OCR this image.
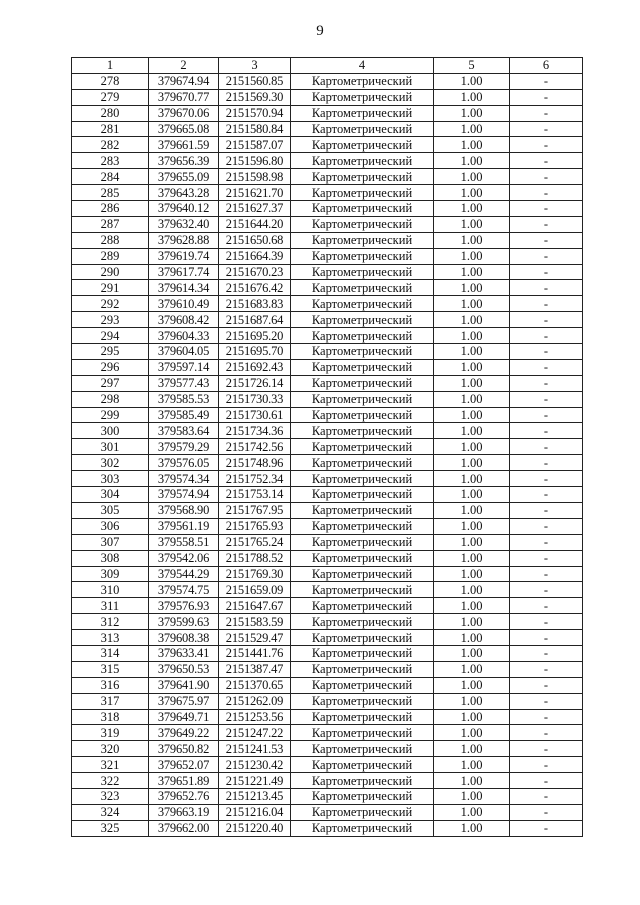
9
1	2	3	4	5	6
278	379674.94	2151560.85	Картометрический	1.00	-
279	379670.77	2151569.30	Картометрический	1.00	-
280	379670.06	2151570.94	Картометрический	1.00	-
281	379665.08	2151580.84	Картометрический	1.00	-
282	379661.59	2151587.07	Картометрический	1.00	-
283	379656.39	2151596.80	Картометрический	1.00	-
284	379655.09	2151598.98	Картометрический	1.00	-
285	379643.28	2151621.70	Картометрический	1.00	-
286	379640.12	2151627.37	Картометрический	1.00	-
287	379632.40	2151644.20	Картометрический	1.00	-
288	379628.88	2151650.68	Картометрический	1.00	-
289	379619.74	2151664.39	Картометрический	1.00	-
290	379617.74	2151670.23	Картометрический	1.00	-
291	379614.34	2151676.42	Картометрический	1.00	-
292	379610.49	2151683.83	Картометрический	1.00	-
293	379608.42	2151687.64	Картометрический	1.00	-
294	379604.33	2151695.20	Картометрический	1.00	-
295	379604.05	2151695.70	Картометрический	1.00	-
296	379597.14	2151692.43	Картометрический	1.00	-
297	379577.43	2151726.14	Картометрический	1.00	-
298	379585.53	2151730.33	Картометрический	1.00	-
299	379585.49	2151730.61	Картометрический	1.00	-
300	379583.64	2151734.36	Картометрический	1.00	-
301	379579.29	2151742.56	Картометрический	1.00	-
302	379576.05	2151748.96	Картометрический	1.00	-
303	379574.34	2151752.34	Картометрический	1.00	-
304	379574.94	2151753.14	Картометрический	1.00	-
305	379568.90	2151767.95	Картометрический	1.00	-
306	379561.19	2151765.93	Картометрический	1.00	-
307	379558.51	2151765.24	Картометрический	1.00	-
308	379542.06	2151788.52	Картометрический	1.00	-
309	379544.29	2151769.30	Картометрический	1.00	-
310	379574.75	2151659.09	Картометрический	1.00	-
311	379576.93	2151647.67	Картометрический	1.00	-
312	379599.63	2151583.59	Картометрический	1.00	-
313	379608.38	2151529.47	Картометрический	1.00	-
314	379633.41	2151441.76	Картометрический	1.00	-
315	379650.53	2151387.47	Картометрический	1.00	-
316	379641.90	2151370.65	Картометрический	1.00	-
317	379675.97	2151262.09	Картометрический	1.00	-
318	379649.71	2151253.56	Картометрический	1.00	-
319	379649.22	2151247.22	Картометрический	1.00	-
320	379650.82	2151241.53	Картометрический	1.00	-
321	379652.07	2151230.42	Картометрический	1.00	-
322	379651.89	2151221.49	Картометрический	1.00	-
323	379652.76	2151213.45	Картометрический	1.00	-
324	379663.19	2151216.04	Картометрический	1.00	-
325	379662.00	2151220.40	Картометрический	1.00	-
